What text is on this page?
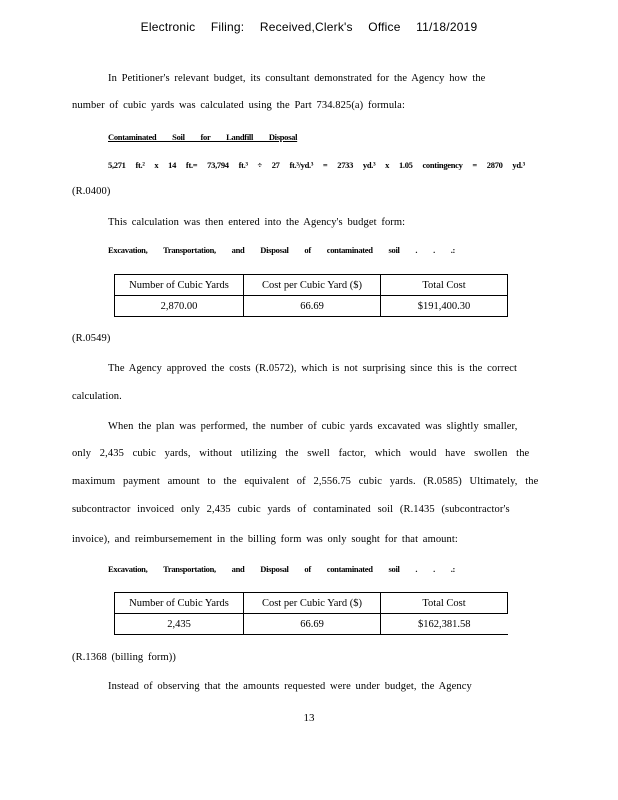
Electronic Filing: Received,Clerk's Office 11/18/2019
In Petitioner's relevant budget, its consultant demonstrated for the Agency how the
number of cubic yards was calculated using the Part 734.825(a) formula:
Contaminated Soil for Landfill Disposal
5,271 ft.² x 14 ft.= 73,794 ft.³ ÷ 27 ft.³/yd.³ = 2733 yd.³ x 1.05 contingency = 2870 yd.³
(R.0400)
This calculation was then entered into the Agency's budget form:
Excavation, Transportation, and Disposal of contaminated soil . . .:
Number of Cubic Yards	Cost per Cubic Yard ($)	Total Cost
2,870.00	66.69	$191,400.30
(R.0549)
The Agency approved the costs (R.0572), which is not surprising since this is the correct
calculation.
When the plan was performed, the number of cubic yards excavated was slightly smaller,
only 2,435 cubic yards, without utilizing the swell factor, which would have swollen the
maximum payment amount to the equivalent of 2,556.75 cubic yards. (R.0585) Ultimately, the
subcontractor invoiced only 2,435 cubic yards of contaminated soil (R.1435 (subcontractor's
invoice), and reimbursemement in the billing form was only sought for that amount:
Excavation, Transportation, and Disposal of contaminated soil . . .:
Number of Cubic Yards	Cost per Cubic Yard ($)	Total Cost
2,435	66.69	$162,381.58
(R.1368 (billing form))
Instead of observing that the amounts requested were under budget, the Agency
13
